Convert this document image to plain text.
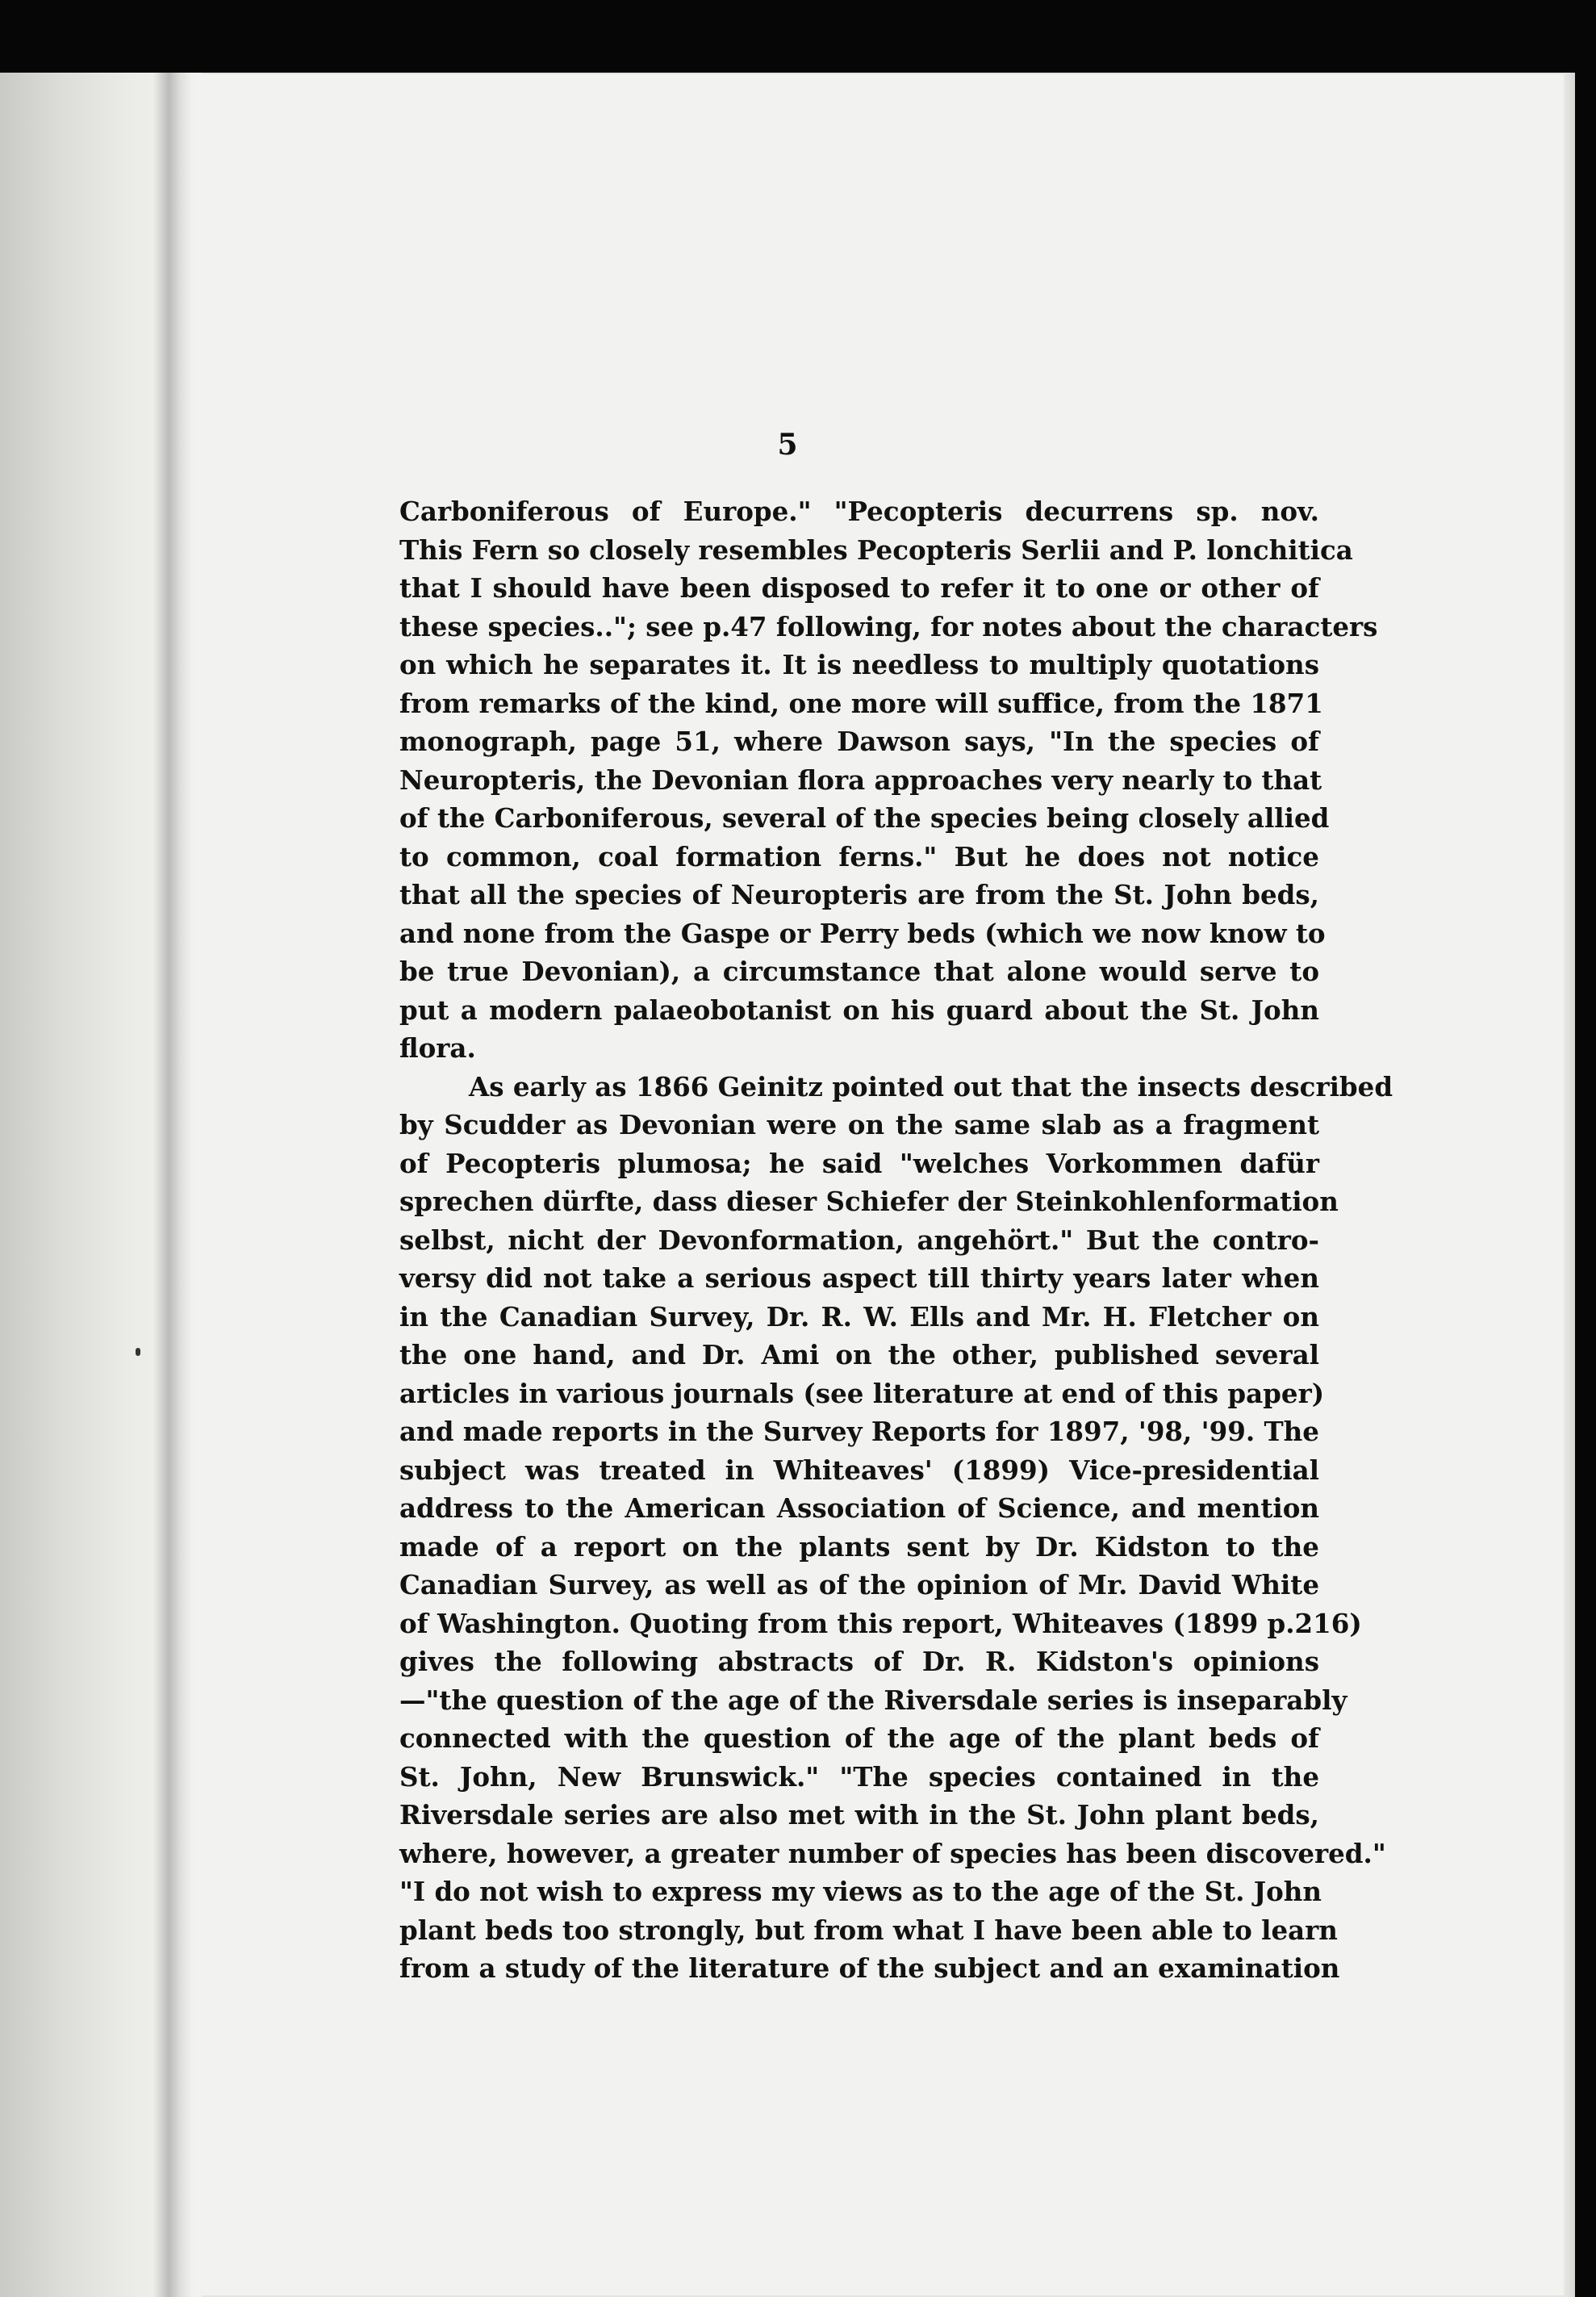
5
Carboniferous of Europe." "Pecopteris decurrens sp. nov.
This Fern so closely resembles Pecopteris Serlii and P. lonchitica
that I should have been disposed to refer it to one or other of
these species.."; see p.47 following, for notes about the characters
on which he separates it. It is needless to multiply quotations
from remarks of the kind, one more will suffice, from the 1871
monograph, page 51, where Dawson says, "In the species of
Neuropteris, the Devonian flora approaches very nearly to that
of the Carboniferous, several of the species being closely allied
to common, coal formation ferns." But he does not notice
that all the species of Neuropteris are from the St. John beds,
and none from the Gaspe or Perry beds (which we now know to
be true Devonian), a circumstance that alone would serve to
put a modern palaeobotanist on his guard about the St. John
flora.
As early as 1866 Geinitz pointed out that the insects described
by Scudder as Devonian were on the same slab as a fragment
of Pecopteris plumosa; he said "welches Vorkommen dafür
sprechen dürfte, dass dieser Schiefer der Steinkohlenformation
selbst, nicht der Devonformation, angehört." But the contro-
versy did not take a serious aspect till thirty years later when
in the Canadian Survey, Dr. R. W. Ells and Mr. H. Fletcher on
the one hand, and Dr. Ami on the other, published several
articles in various journals (see literature at end of this paper)
and made reports in the Survey Reports for 1897, '98, '99. The
subject was treated in Whiteaves' (1899) Vice-presidential
address to the American Association of Science, and mention
made of a report on the plants sent by Dr. Kidston to the
Canadian Survey, as well as of the opinion of Mr. David White
of Washington. Quoting from this report, Whiteaves (1899 p.216)
gives the following abstracts of Dr. R. Kidston's opinions
—"the question of the age of the Riversdale series is inseparably
connected with the question of the age of the plant beds of
St. John, New Brunswick." "The species contained in the
Riversdale series are also met with in the St. John plant beds,
where, however, a greater number of species has been discovered."
"I do not wish to express my views as to the age of the St. John
plant beds too strongly, but from what I have been able to learn
from a study of the literature of the subject and an examination
